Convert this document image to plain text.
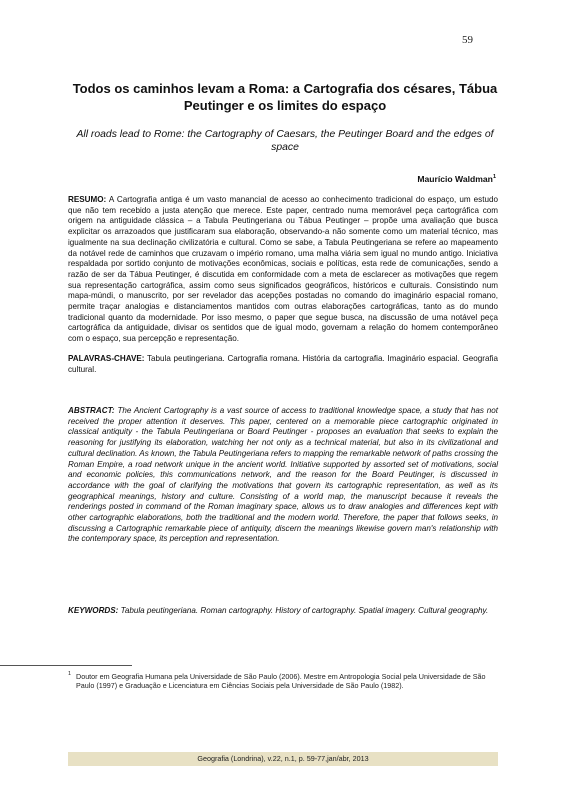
59
Todos os caminhos levam a Roma: a Cartografia dos césares, Tábua Peutinger e os limites do espaço
All roads lead to Rome: the Cartography of Caesars, the Peutinger Board and the edges of space
Maurício Waldman$^1$
RESUMO: A Cartografia antiga é um vasto manancial de acesso ao conhecimento tradicional do espaço, um estudo que não tem recebido a justa atenção que merece. Este paper, centrado numa memorável peça cartográfica com origem na antiguidade clássica – a Tabula Peutingeriana ou Tábua Peutinger – propõe uma avaliação que busca explicitar os arrazoados que justificaram sua elaboração, observando-a não somente como um material técnico, mas igualmente na sua declinação civilizatória e cultural. Como se sabe, a Tabula Peutingeriana se refere ao mapeamento da notável rede de caminhos que cruzavam o império romano, uma malha viária sem igual no mundo antigo. Iniciativa respaldada por sortido conjunto de motivações econômicas, sociais e políticas, esta rede de comunicações, sendo a razão de ser da Tábua Peutinger, é discutida em conformidade com a meta de esclarecer as motivações que regem sua representação cartográfica, assim como seus significados geográficos, históricos e culturais. Consistindo num mapa-múndi, o manuscrito, por ser revelador das acepções postadas no comando do imaginário espacial romano, permite traçar analogias e distanciamentos mantidos com outras elaborações cartográficas, tanto as do mundo tradicional quanto da modernidade. Por isso mesmo, o paper que segue busca, na discussão de uma notável peça cartográfica da antiguidade, divisar os sentidos que de igual modo, governam a relação do homem contemporâneo com o espaço, sua percepção e representação.
PALAVRAS-CHAVE: Tabula peutingeriana. Cartografia romana. História da cartografia. Imaginário espacial. Geografia cultural.
ABSTRACT: The Ancient Cartography is a vast source of access to traditional knowledge space, a study that has not received the proper attention it deserves. This paper, centered on a memorable piece cartographic originated in classical antiquity - the Tabula Peutingeriana or Board Peutinger - proposes an evaluation that seeks to explain the reasoning for justifying its elaboration, watching her not only as a technical material, but also in its civilizational and cultural declination. As known, the Tabula Peutingeriana refers to mapping the remarkable network of paths crossing the Roman Empire, a road network unique in the ancient world. Initiative supported by assorted set of motivations, social and economic policies, this communications network, and the reason for the Board Peutinger, is discussed in accordance with the goal of clarifying the motivations that govern its cartographic representation, as well as its geographical meanings, history and culture. Consisting of a world map, the manuscript because it reveals the renderings posted in command of the Roman imaginary space, allows us to draw analogies and differences kept with other cartographic elaborations, both the traditional and the modern world. Therefore, the paper that follows seeks, in discussing a Cartographic remarkable piece of antiquity, discern the meanings likewise govern man's relationship with the contemporary space, its perception and representation.
KEYWORDS: Tabula peutingeriana. Roman cartography. History of cartography. Spatial imagery. Cultural geography.
1 Doutor em Geografia Humana pela Universidade de São Paulo (2006). Mestre em Antropologia Social pela Universidade de São Paulo (1997) e Graduação e Licenciatura em Ciências Sociais pela Universidade de São Paulo (1982).
Geografia (Londrina), v.22, n.1, p. 59-77,jan/abr, 2013
